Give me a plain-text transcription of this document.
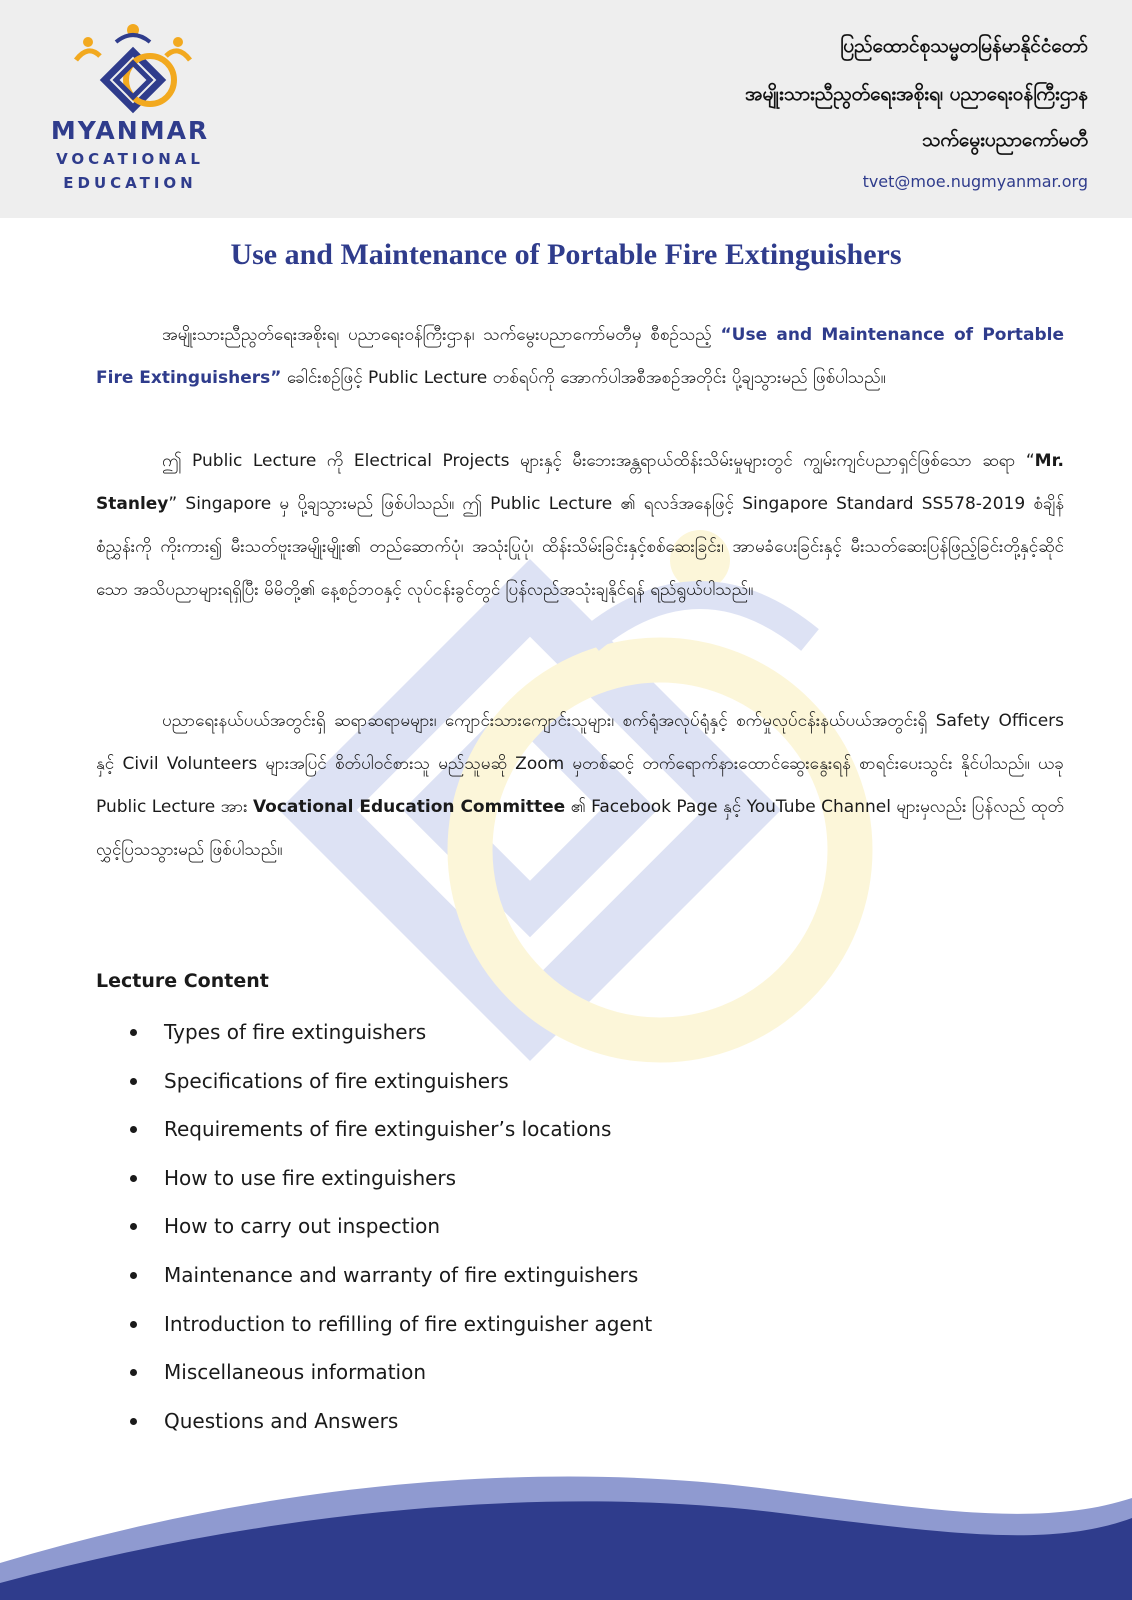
MYANMAR
VOCATIONAL
EDUCATION
ပြည်ထောင်စုသမ္မတမြန်မာနိုင်ငံတော်
အမျိုးသားညီညွတ်ရေးအစိုးရ၊ ပညာရေးဝန်ကြီးဌာန
သက်မွေးပညာကော်မတီ
tvet@moe.nugmyanmar.org
Use and Maintenance of Portable Fire Extinguishers
အမျိုးသားညီညွတ်ရေးအစိုးရ၊ ပညာရေးဝန်ကြီးဌာန၊ သက်မွေးပညာကော်မတီမှ စီစဉ်သည့် “Use and Maintenance of Portable Fire Extinguishers” ခေါင်းစဉ်ဖြင့် Public Lecture တစ်ရပ်ကို အောက်ပါအစီအစဉ်အတိုင်း ပို့ချသွားမည် ဖြစ်ပါသည်။
ဤ Public Lecture ကို Electrical Projects များနှင့် မီးဘေးအန္တရာယ်ထိန်းသိမ်းမှုများတွင် ကျွမ်းကျင်ပညာရှင်ဖြစ်သော ဆရာ “Mr. Stanley” Singapore မှ ပို့ချသွားမည် ဖြစ်ပါသည်။ ဤ Public Lecture ၏ ရလဒ်အနေဖြင့် Singapore Standard SS578-2019 စံချိန်စံညွှန်းကို ကိုးကား၍ မီးသတ်ဗူးအမျိုးမျိုး၏ တည်ဆောက်ပုံ၊ အသုံးပြုပုံ၊ ထိန်းသိမ်းခြင်းနှင့်စစ်ဆေးခြင်း၊ အာမခံပေးခြင်းနှင့် မီးသတ်ဆေးပြန်ဖြည့်ခြင်းတို့နှင့်ဆိုင်သော အသိပညာများရရှိပြီး မိမိတို့၏ နေ့စဉ်ဘဝနှင့် လုပ်ငန်းခွင်တွင် ပြန်လည်အသုံးချနိုင်ရန် ရည်ရွယ်ပါသည်။
ပညာရေးနယ်ပယ်အတွင်းရှိ ဆရာဆရာမများ၊ ကျောင်းသားကျောင်းသူများ၊ စက်ရုံအလုပ်ရုံနှင့် စက်မှုလုပ်ငန်းနယ်ပယ်အတွင်းရှိ Safety Officers နှင့် Civil Volunteers များအပြင် စိတ်ပါဝင်စားသူ မည်သူမဆို Zoom မှတစ်ဆင့် တက်ရောက်နားထောင်ဆွေးနွေးရန် စာရင်းပေးသွင်း နိုင်ပါသည်။ ယခု Public Lecture အား Vocational Education Committee ၏ Facebook Page နှင့် YouTube Channel များမှလည်း ပြန်လည် ထုတ်လွှင့်ပြသသွားမည် ဖြစ်ပါသည်။
Lecture Content
Types of fire extinguishers
Specifications of fire extinguishers
Requirements of fire extinguisher’s locations
How to use fire extinguishers
How to carry out inspection
Maintenance and warranty of fire extinguishers
Introduction to refilling of fire extinguisher agent
Miscellaneous information
Questions and Answers
